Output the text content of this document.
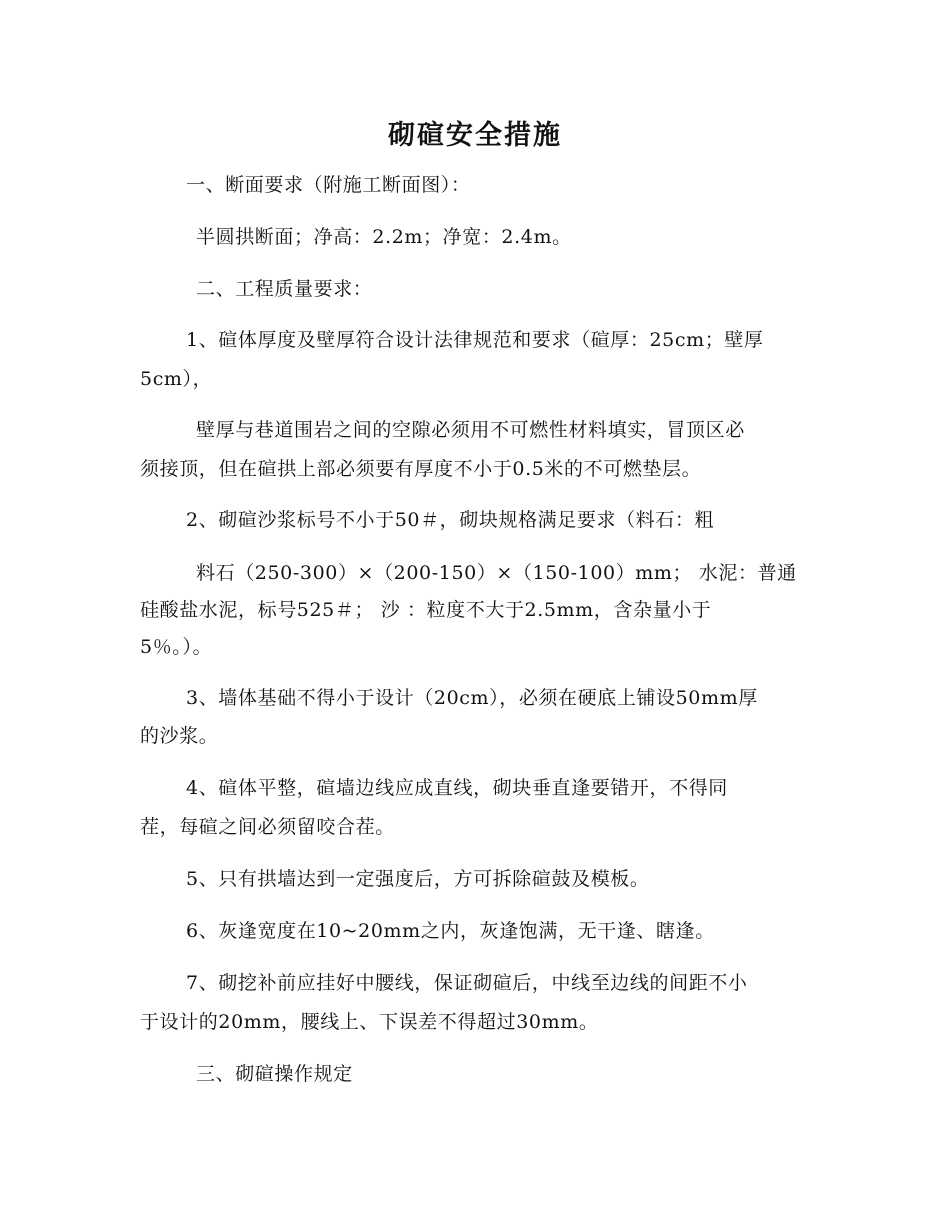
砌碹安全措施
一、断面要求（附施工断面图）：
半圆拱断面；净高：2.2m；净宽：2.4m。
二、工程质量要求：
1、碹体厚度及壁厚符合设计法律规范和要求（碹厚：25cm；壁厚
5cm），
壁厚与巷道围岩之间的空隙必须用不可燃性材料填实，冒顶区必
须接顶，但在碹拱上部必须要有厚度不小于0.5米的不可燃垫层。
2、砌碹沙浆标号不小于50＃，砌块规格满足要求（料石：粗
料石（250-300）×（200-150）×（150-100）mm； 水泥：普通
硅酸盐水泥，标号525＃； 沙 ：粒度不大于2.5mm，含杂量小于
5％。）。
3、墙体基础不得小于设计（20cm），必须在硬底上铺设50mm厚
的沙浆。
4、碹体平整，碹墙边线应成直线，砌块垂直逢要错开，不得同
茬，每碹之间必须留咬合茬。
5、只有拱墙达到一定强度后，方可拆除碹鼓及模板。
6、灰逢宽度在10~20mm之内，灰逢饱满，无干逢、瞎逢。
7、砌挖补前应挂好中腰线，保证砌碹后，中线至边线的间距不小
于设计的20mm，腰线上、下误差不得超过30mm。
三、砌碹操作规定
